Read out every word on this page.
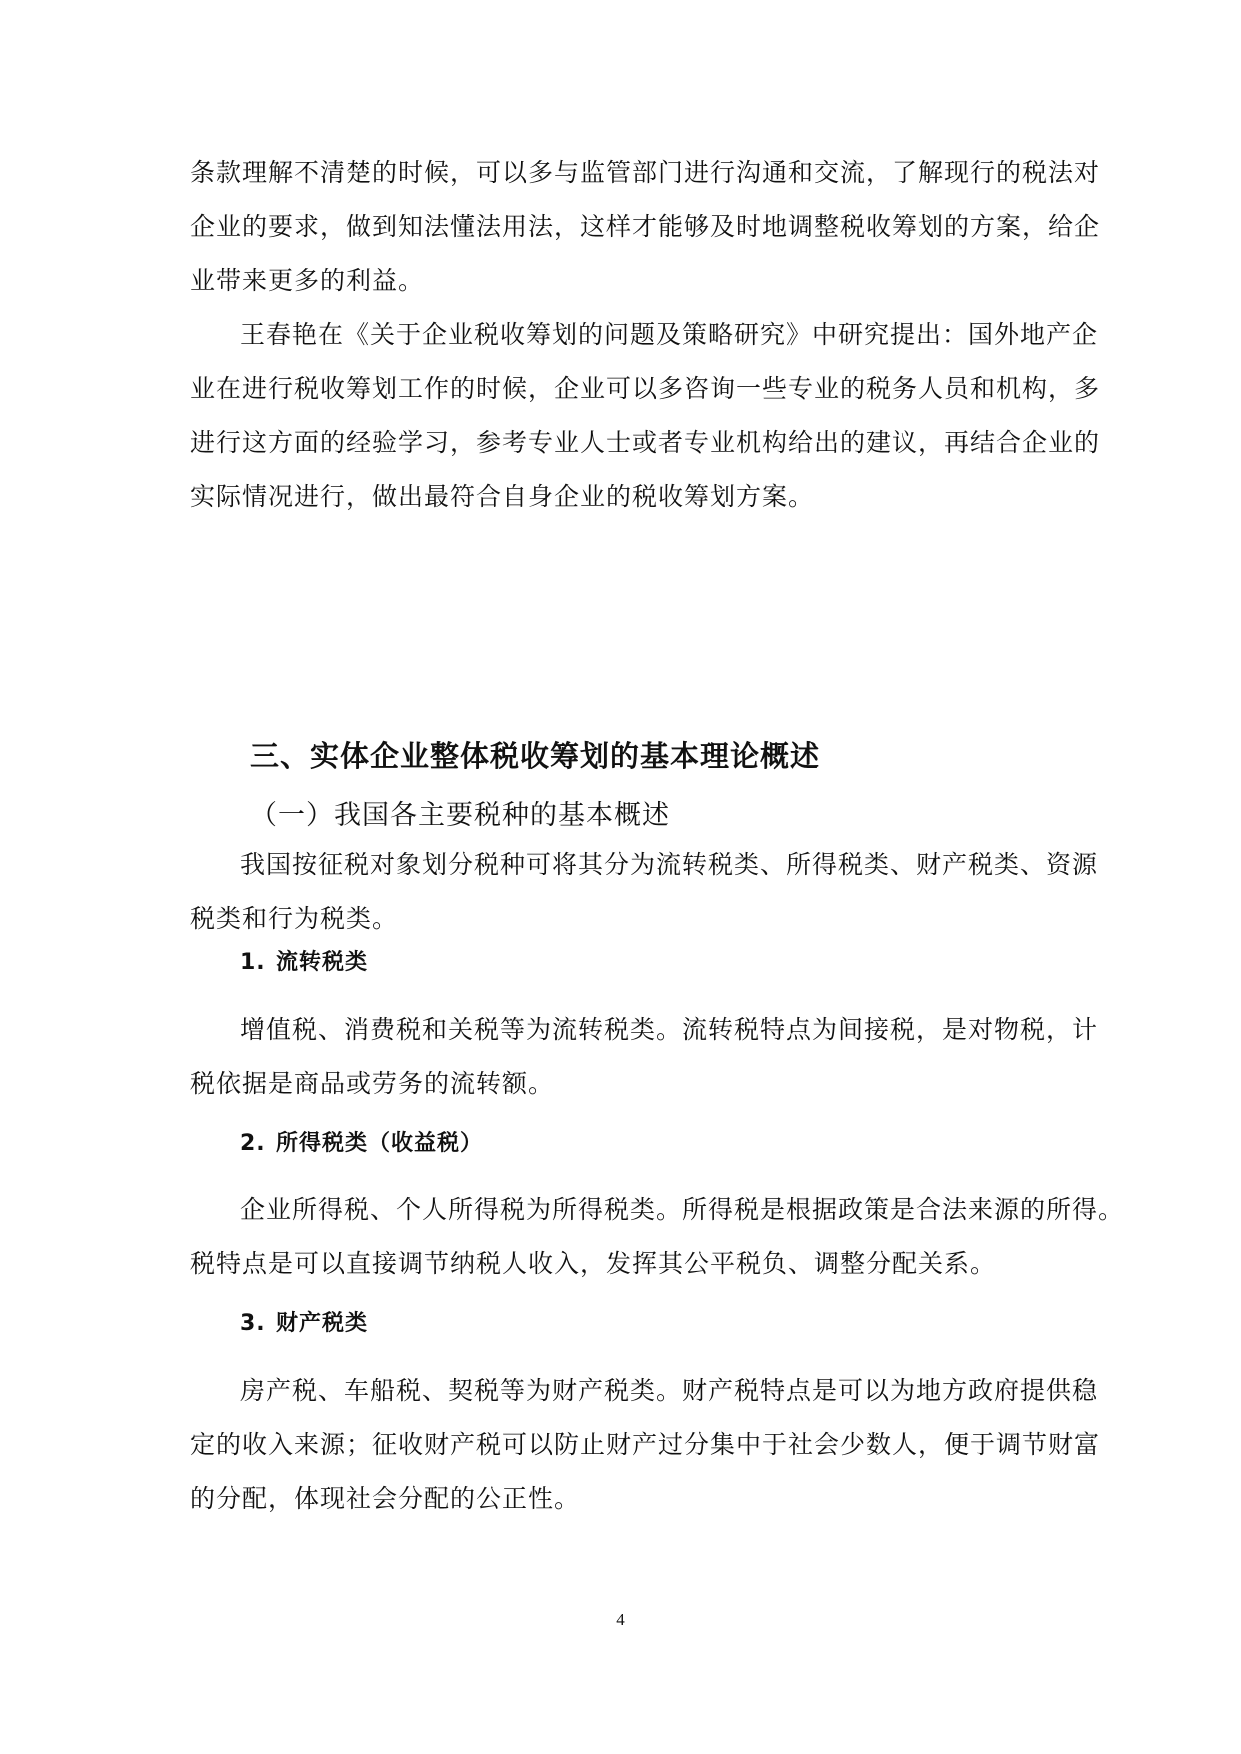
条款理解不清楚的时候，可以多与监管部门进行沟通和交流，了解现行的税法对
企业的要求，做到知法懂法用法，这样才能够及时地调整税收筹划的方案，给企
业带来更多的利益。

王春艳在《关于企业税收筹划的问题及策略研究》中研究提出：国外地产企
业在进行税收筹划工作的时候，企业可以多咨询一些专业的税务人员和机构，多
进行这方面的经验学习，参考专业人士或者专业机构给出的建议，再结合企业的
实际情况进行，做出最符合自身企业的税收筹划方案。

三、实体企业整体税收筹划的基本理论概述
（一）我国各主要税种的基本概述

我国按征税对象划分税种可将其分为流转税类、所得税类、财产税类、资源
税类和行为税类。

1. 流转税类

增值税、消费税和关税等为流转税类。流转税特点为间接税，是对物税，计
税依据是商品或劳务的流转额。

2. 所得税类（收益税）

企业所得税、个人所得税为所得税类。所得税是根据政策是合法来源的所得。
税特点是可以直接调节纳税人收入，发挥其公平税负、调整分配关系。

3. 财产税类

房产税、车船税、契税等为财产税类。财产税特点是可以为地方政府提供稳
定的收入来源；征收财产税可以防止财产过分集中于社会少数人，便于调节财富
的分配，体现社会分配的公正性。

4
